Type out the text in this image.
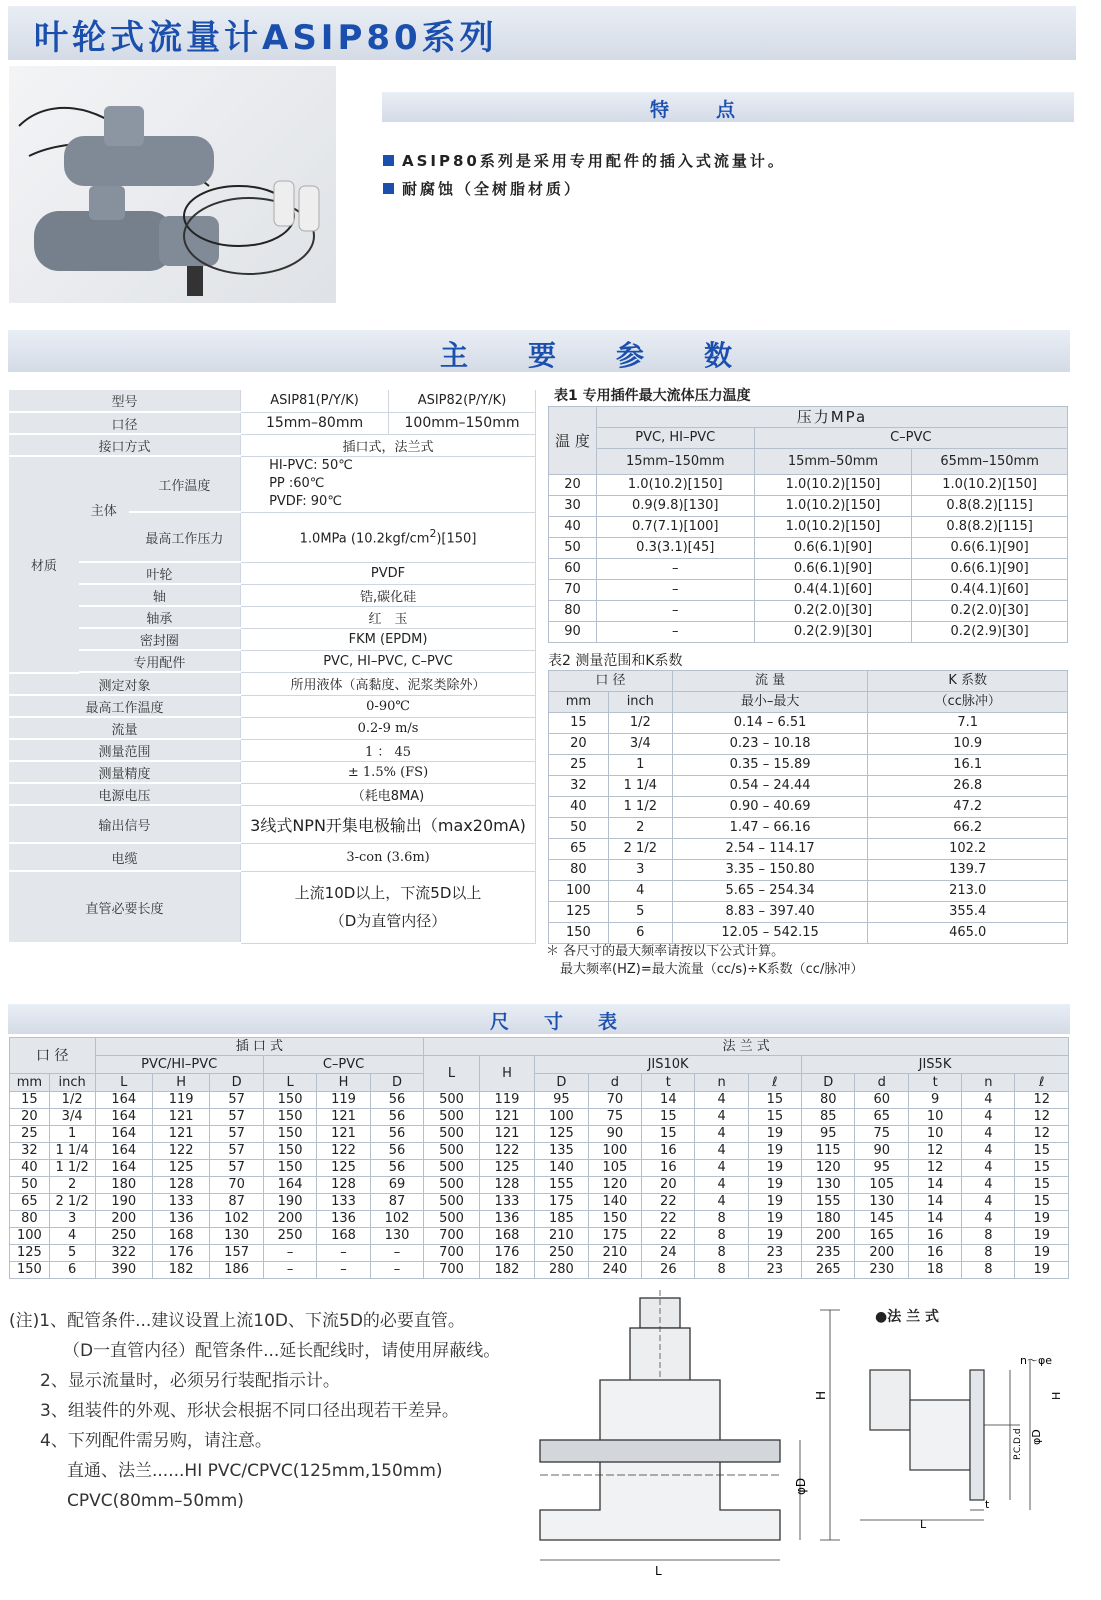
叶轮式流量计ASIP80系列
特　点
ASIP80系列是采用专用配件的插入式流量计。
耐腐蚀（全树脂材质）
主　要　参　数
型号			ASIP81(P/Y/K)	ASIP82(P/Y/K)
口径			15mm–80mm	100mm–150mm
接口方式			插口式，法兰式	
材质	主体	工作温度	HI-PVC: 50℃
PP :60℃
PVDF: 90℃	

		最高工作压力	1.0MPa $(10.2kgf/cm^2)[150]$	
	叶轮		PVDF	
	轴		锆,碳化硅	
	轴承		红　玉	
	密封圈		FKM (EPDM)	
	专用配件		PVC, HI–PVC, C–PVC	

测定对象			所用液体（高黏度、泥浆类除外）	
最高工作温度			0-90℃	
流量			0.2-9 m/s	
测量范围			1 ： 45	
测量精度			± 1.5% (FS)	
电源电压			（耗电8MA)	
输出信号			3线式NPN开集电极输出（max20mA)	
电缆			3-con (3.6m)	
直管必要长度			上流10D以上，下流5D以上
（D为直管内径）	
表1 专用插件最大流体压力温度
温 度	压力MPa		
	PVC, HI–PVC	C–PVC	
	15mm–150mm	15mm–50mm	65mm–150mm
20	1.0(10.2)[150]	1.0(10.2)[150]	1.0(10.2)[150]
30	0.9(9.8)[130]	1.0(10.2)[150]	0.8(8.2)[115]
40	0.7(7.1)[100]	1.0(10.2)[150]	0.8(8.2)[115]
50	0.3(3.1)[45]	0.6(6.1)[90]	0.6(6.1)[90]
60	–	0.6(6.1)[90]	0.6(6.1)[90]
70	–	0.4(4.1)[60]	0.4(4.1)[60]
80	–	0.2(2.0)[30]	0.2(2.0)[30]
90	–	0.2(2.9)[30]	0.2(2.9)[30]
表2 测量范围和K系数
口 径		流 量	K 系数
mm	inch	最小–最大	（cc脉冲）
15	1/2	0.14 – 6.51	7.1
20	3/4	0.23 – 10.18	10.9
25	1	0.35 – 15.89	16.1
32	1 1/4	0.54 – 24.44	26.8
40	1 1/2	0.90 – 40.69	47.2
50	2	1.47 – 66.16	66.2
65	2 1/2	2.54 – 114.17	102.2
80	3	3.35 – 150.80	139.7
100	4	5.65 – 254.34	213.0
125	5	8.83 – 397.40	355.4
150	6	12.05 – 542.15	465.0
＊ 各尺寸的最大频率请按以下公式计算。
最大频率(HZ)=最大流量（cc/s)÷K系数（cc/脉冲）
尺　寸　表
口 径		插 口 式						法 兰 式											
		PVC/HI–PVC			C–PVC			L	H	JIS10K					JIS5K				
mm	inch	L	H	D	L	H	D			D	d	t	n	ℓ	D	d	t	n	ℓ
15	1/2	164	119	57	150	119	56	500	119	95	70	14	4	15	80	60	9	4	12
20	3/4	164	121	57	150	121	56	500	121	100	75	15	4	15	85	65	10	4	12
25	1	164	121	57	150	121	56	500	121	125	90	15	4	19	95	75	10	4	12
32	1 1/4	164	122	57	150	122	56	500	122	135	100	16	4	19	115	90	12	4	15
40	1 1/2	164	125	57	150	125	56	500	125	140	105	16	4	19	120	95	12	4	15
50	2	180	128	70	164	128	69	500	128	155	120	20	4	19	130	105	14	4	15
65	2 1/2	190	133	87	190	133	87	500	133	175	140	22	4	19	155	130	14	4	15
80	3	200	136	102	200	136	102	500	136	185	150	22	8	19	180	145	14	4	19
100	4	250	168	130	250	168	130	700	168	210	175	22	8	19	200	165	16	8	19
125	5	322	176	157	–	–	–	700	176	250	210	24	8	23	235	200	16	8	19
150	6	390	182	186	–	–	–	700	182	280	240	26	8	23	265	230	18	8	19
(注)1、配管条件...建议设置上流10D、下流5D的必要直管。
（D一直管内径）配管条件...延长配线时，请使用屏蔽线。
2、显示流量时，必须另行装配指示计。
3、组装件的外观、形状会根据不同口径出现若干差异。
4、下列配件需另购，请注意。
直通、法兰......HI PVC/CPVC(125mm,150mm)
CPVC(80mm–50mm)
H
φD
L
●法 兰 式
n～φe
H
φD
P.C.D.d
t
L
